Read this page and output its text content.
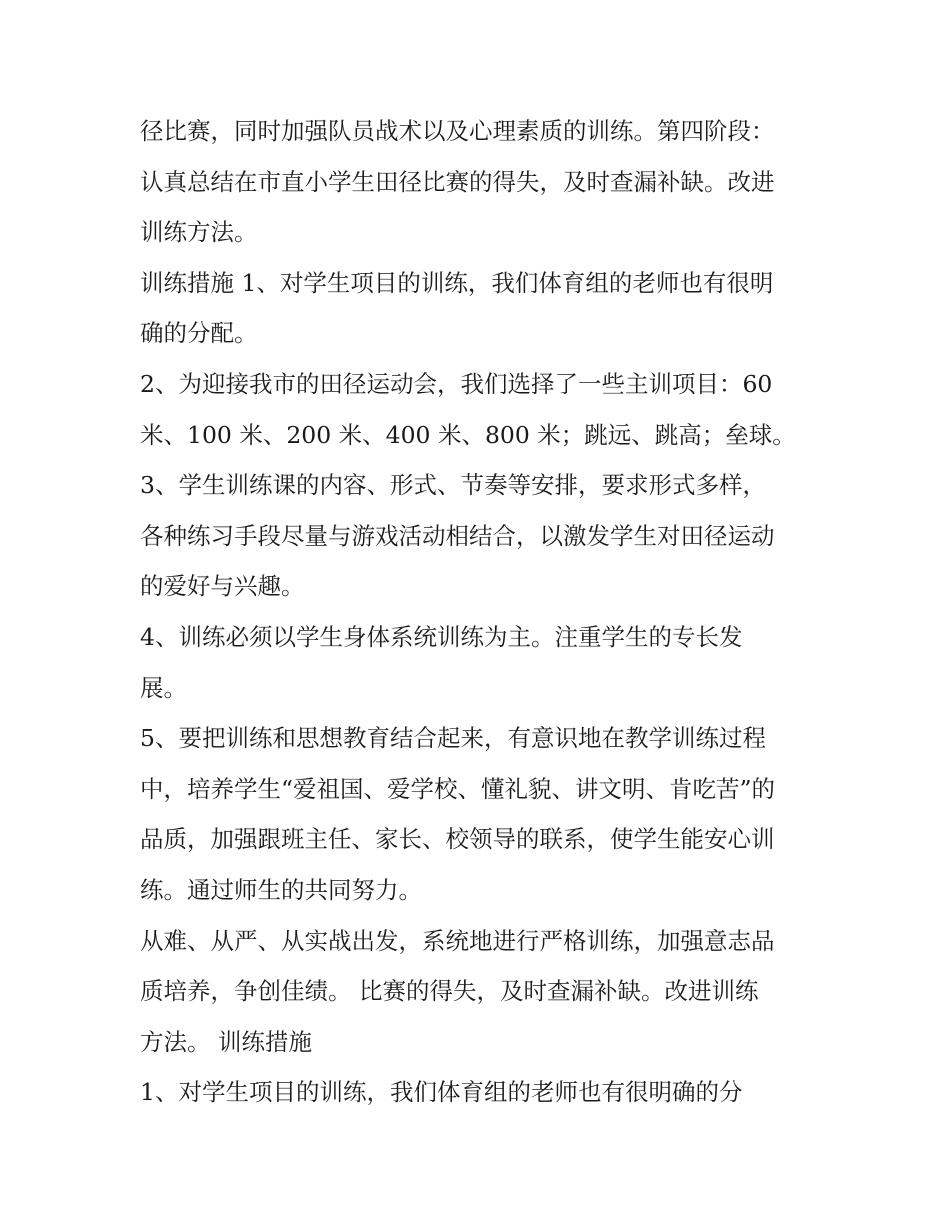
径比赛，同时加强队员战术以及心理素质的训练。第四阶段：
认真总结在市直小学生田径比赛的得失，及时查漏补缺。改进
训练方法。

训练措施 1、对学生项目的训练，我们体育组的老师也有很明
确的分配。

2、为迎接我市的田径运动会，我们选择了一些主训项目：60
米、100 米、200 米、400 米、800 米；跳远、跳高；垒球。

3、学生训练课的内容、形式、节奏等安排，要求形式多样，
各种练习手段尽量与游戏活动相结合，以激发学生对田径运动
的爱好与兴趣。

4、训练必须以学生身体系统训练为主。注重学生的专长发
展。

5、要把训练和思想教育结合起来，有意识地在教学训练过程
中，培养学生“爱祖国、爱学校、懂礼貌、讲文明、肯吃苦”的
品质，加强跟班主任、家长、校领导的联系，使学生能安心训
练。通过师生的共同努力。

从难、从严、从实战出发，系统地进行严格训练，加强意志品
质培养，争创佳绩。 比赛的得失，及时查漏补缺。改进训练
方法。 训练措施

1、对学生项目的训练，我们体育组的老师也有很明确的分
